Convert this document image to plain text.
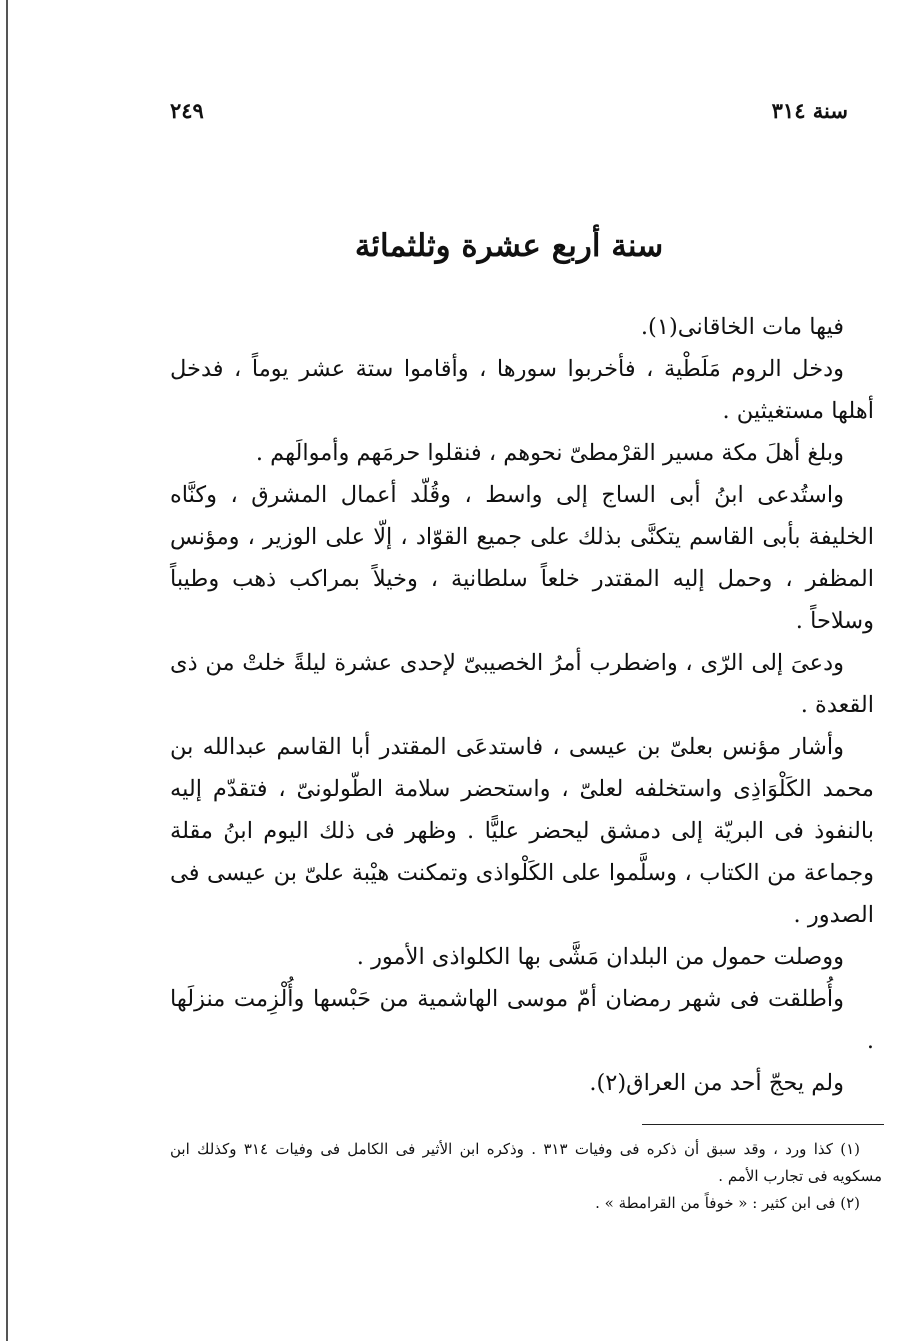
سنة ٣١٤
٢٤٩
سنة أربع عشرة وثلثمائة

فيها مات الخاقانى(١).

ودخل الروم مَلَطْية ، فأخربوا سورها ، وأقاموا ستة عشر يوماً ، فدخل أهلها مستغيثين .

وبلغ أهلَ مكة مسير القرْمطىّ نحوهم ، فنقلوا حرمَهم وأموالَهم .

واستُدعى ابنُ أبى الساج إلى واسط ، وقُلّد أعمال المشرق ، وكنَّاه الخليفة بأبى القاسم يتكنَّى بذلك على جميع القوّاد ، إلّا على الوزير ، ومؤنس المظفر ، وحمل إليه المقتدر خلعاً سلطانية ، وخيلاً بمراكب ذهب وطيباً وسلاحاً .

ودعىَ إلى الرّى ، واضطرب أمرُ الخصيبىّ لإحدى عشرة ليلةً خلتْ من ذى القعدة .

وأشار مؤنس بعلىّ بن عيسى ، فاستدعَى المقتدر أبا القاسم عبدالله بن محمد الكَلْوَاذِى واستخلفه لعلىّ ، واستحضر سلامة الطّولونىّ ، فتقدّم إليه بالنفوذ فى البريّة إلى دمشق ليحضر عليًّا . وظهر فى ذلك اليوم ابنُ مقلة وجماعة من الكتاب ، وسلَّموا على الكَلْواذى وتمكنت هيْبة علىّ بن عيسى فى الصدور .

ووصلت حمول من البلدان مَشَّى بها الكلواذى الأمور .

وأُطلقت فى شهر رمضان أمّ موسى الهاشمية من حَبْسها وأُلْزِمت منزلَها .

ولم يحجّ أحد من العراق(٢).

(١) كذا ورد ، وقد سبق أن ذكره فى وفيات ٣١٣ . وذكره ابن الأثير فى الكامل فى وفيات ٣١٤ وكذلك ابن مسكويه فى تجارب الأمم .

(٢) فى ابن كثير : « خوفاً من القرامطة » .
